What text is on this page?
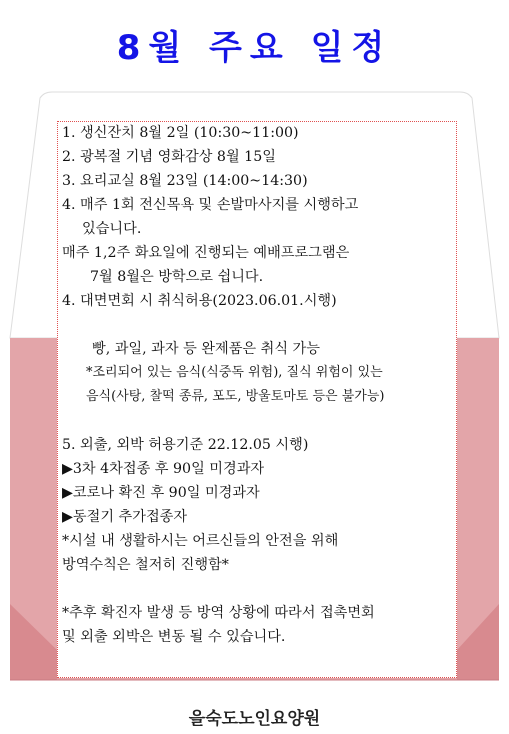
8월 주요 일정
1. 생신잔치 8월 2일 (10:30~11:00)
2. 광복절 기념 영화감상 8월 15일
3. 요리교실 8월 23일 (14:00~14:30)
4. 매주 1회 전신목욕 및 손발마사지를 시행하고
있습니다.
매주 1,2주 화요일에 진행되는 예배프로그램은
7월 8월은 방학으로 쉽니다.
4. 대면면회 시 취식허용(2023.06.01.시행)
빵, 과일, 과자 등 완제품은 취식 가능
*조리되어 있는 음식(식중독 위험), 질식 위험이 있는
음식(사탕, 찰떡 종류, 포도, 방울토마토 등은 불가능)
5. 외출, 외박 허용기준 22.12.05 시행)
▶3차 4차접종 후 90일 미경과자
▶코로나 확진 후 90일 미경과자
▶동절기 추가접종자
*시설 내 생활하시는 어르신들의 안전을 위해
방역수칙은 철저히 진행함*
*추후 확진자 발생 등 방역 상황에 따라서 접촉면회
및 외출 외박은 변동 될 수 있습니다.
을숙도노인요양원
